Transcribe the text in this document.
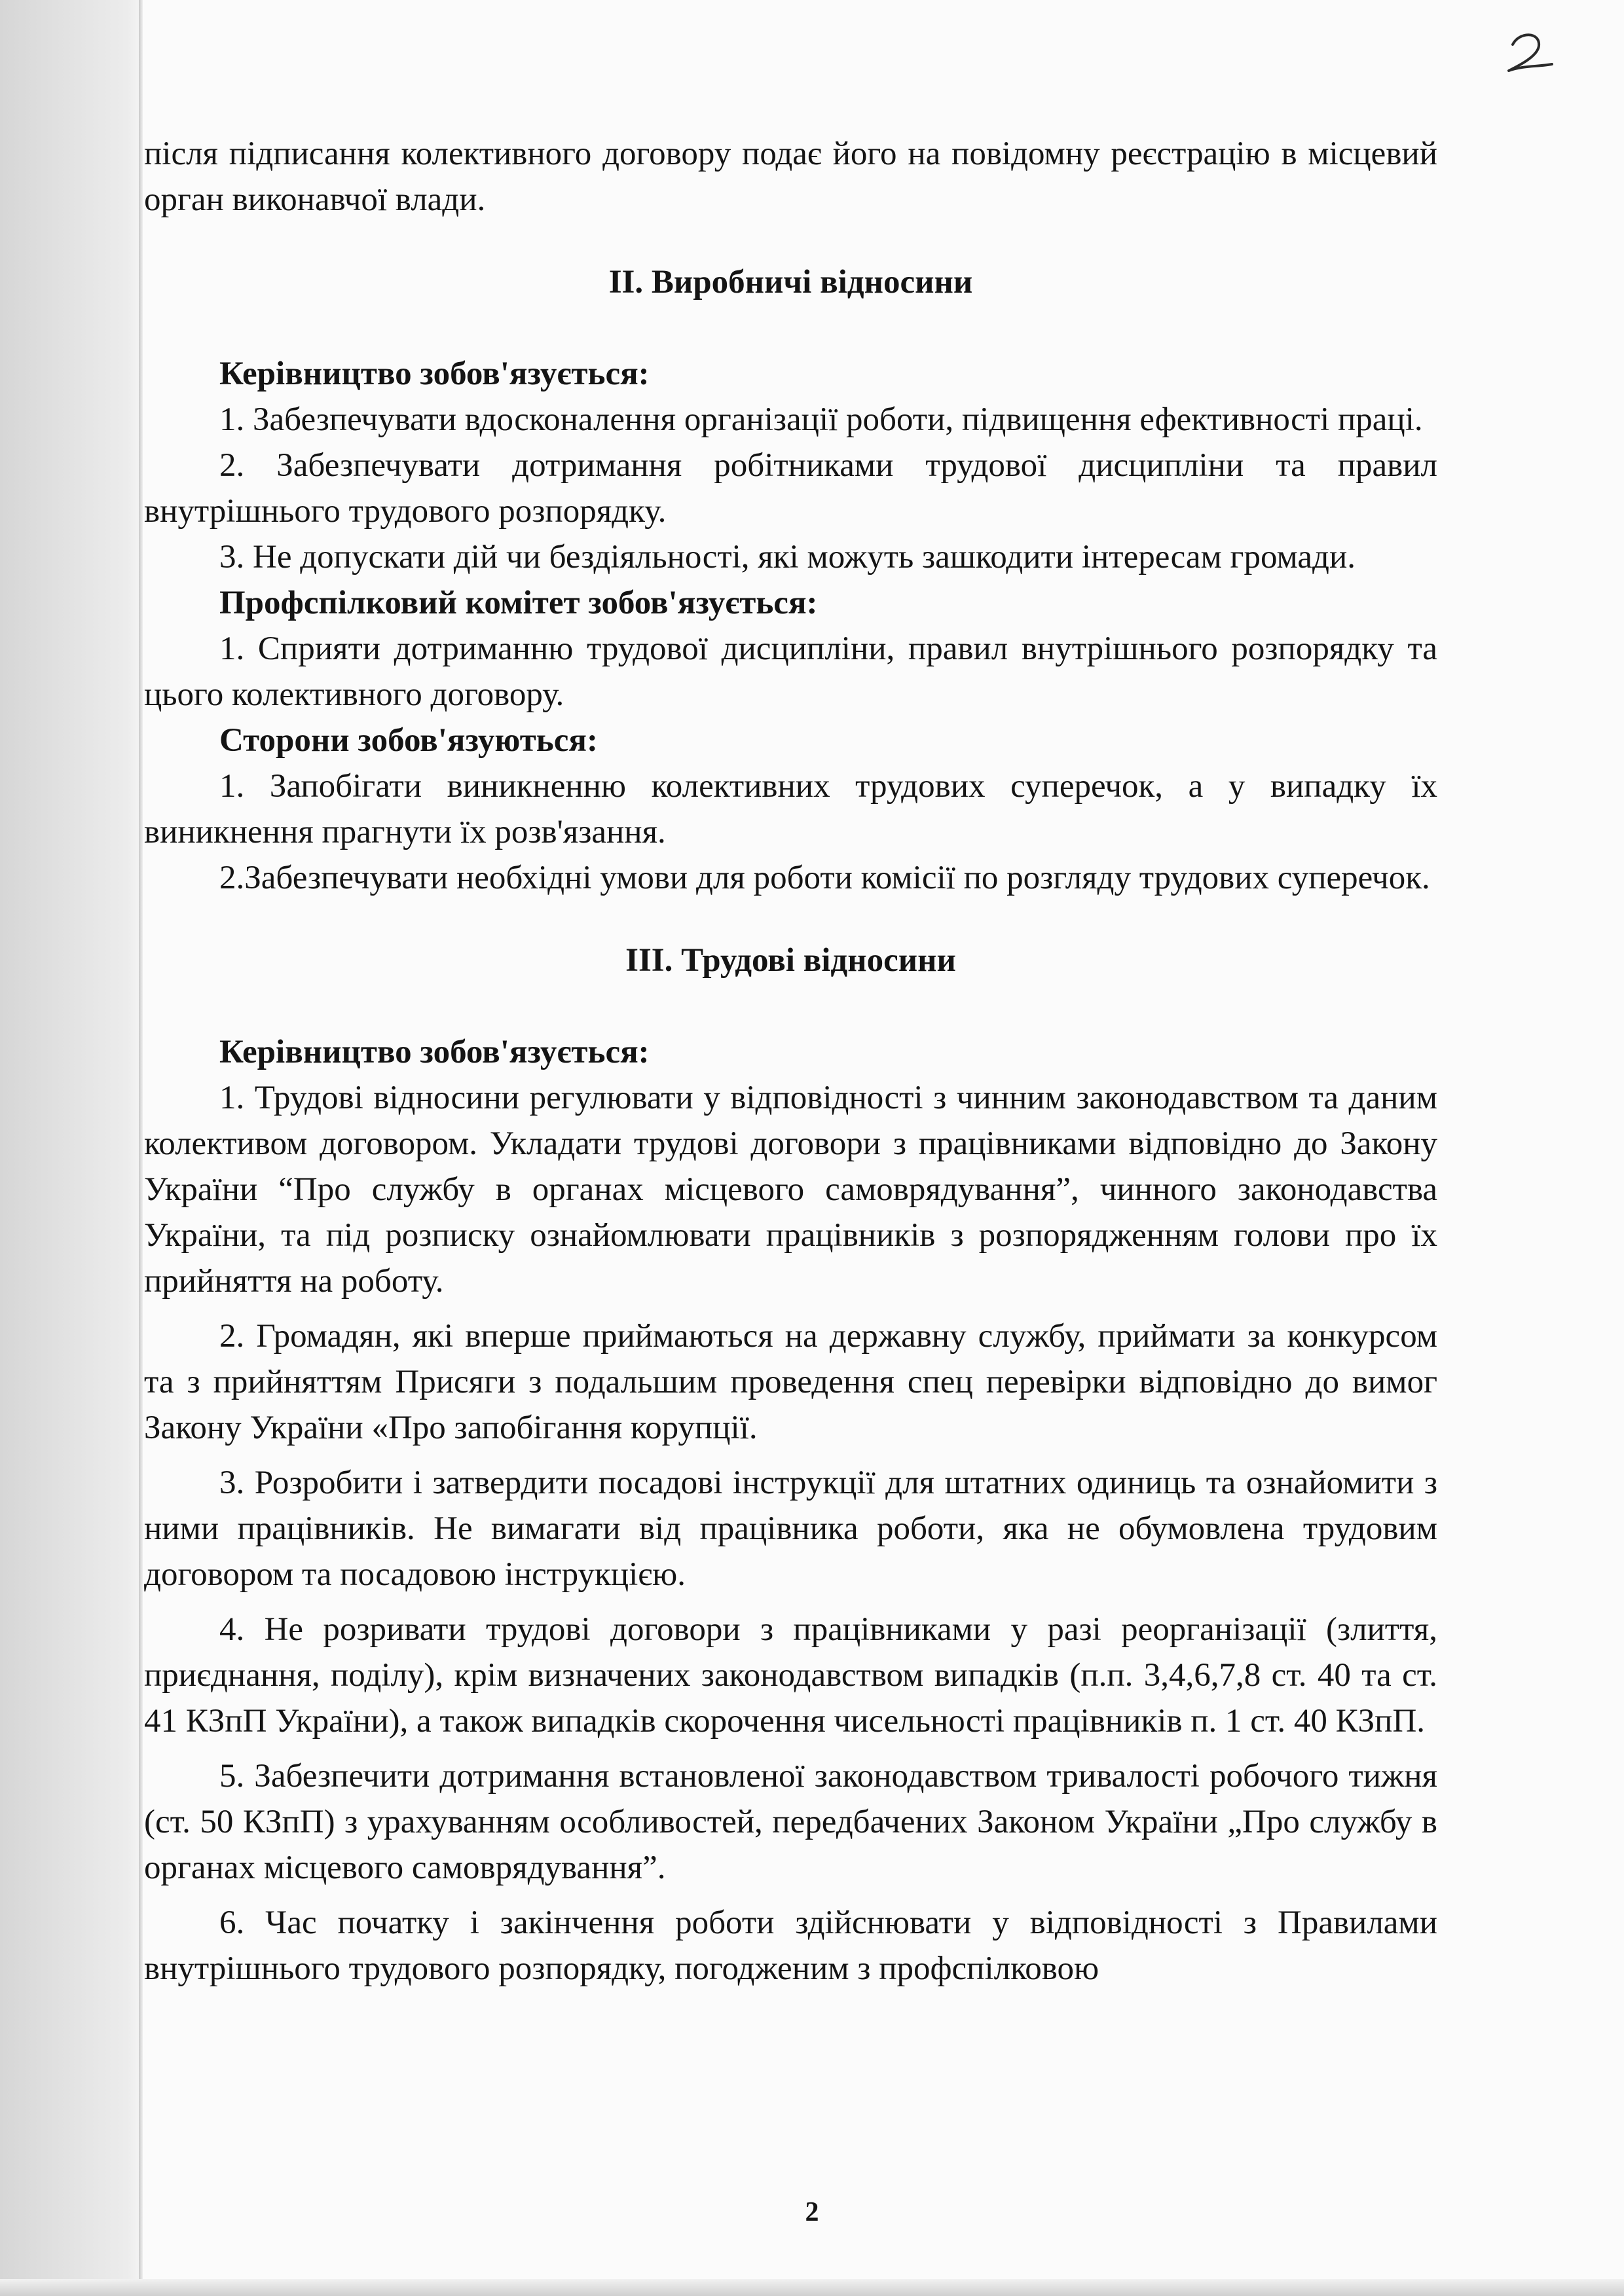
після підписання колективного договору подає його на повідомну реєстрацію в місцевий орган виконавчої влади.

ІІ. Виробничі відносини

Керівництво зобов'язується:

1. Забезпечувати вдосконалення організації роботи, підвищення ефективності праці.

2. Забезпечувати дотримання робітниками трудової дисципліни та правил внутрішнього трудового розпорядку.

3. Не допускати дій чи бездіяльності, які можуть зашкодити інтересам громади.

Профспілковий комітет зобов'язується:

1. Сприяти дотриманню трудової дисципліни, правил внутрішнього розпорядку та цього колективного договору.

Сторони зобов'язуються:

1. Запобігати виникненню колективних трудових суперечок, а у випадку їх виникнення прагнути їх розв'язання.

2.Забезпечувати необхідні умови для роботи комісії по розгляду трудових суперечок.

ІІІ. Трудові відносини

Керівництво зобов'язується:

1. Трудові відносини регулювати у відповідності з чинним законодавством та даним колективом договором. Укладати трудові договори з працівниками відповідно до Закону України “Про службу в органах місцевого самоврядування”, чинного законодавства України, та під розписку ознайомлювати працівників з розпорядженням голови про їх прийняття на роботу.

2. Громадян, які вперше приймаються на державну службу, приймати за конкурсом та з прийняттям Присяги з подальшим проведення спец перевірки відповідно до вимог Закону України «Про запобігання корупції.

3. Розробити і затвердити посадові інструкції для штатних одиниць та ознайомити з ними працівників. Не вимагати від працівника роботи, яка не обумовлена трудовим договором та посадовою інструкцією.

4. Не розривати трудові договори з працівниками у разі реорганізації (злиття, приєднання, поділу), крім визначених законодавством випадків (п.п. 3,4,6,7,8 ст. 40 та ст. 41 КЗпП України), а також випадків скорочення чисельності працівників п. 1 ст. 40 КЗпП.

5. Забезпечити дотримання встановленої законодавством тривалості робочого тижня (ст. 50 КЗпП) з урахуванням особливостей, передбачених Законом України „Про службу в органах місцевого самоврядування”.

6. Час початку і закінчення роботи здійснювати у відповідності з Правилами внутрішнього трудового розпорядку, погодженим з профспілковою

2
